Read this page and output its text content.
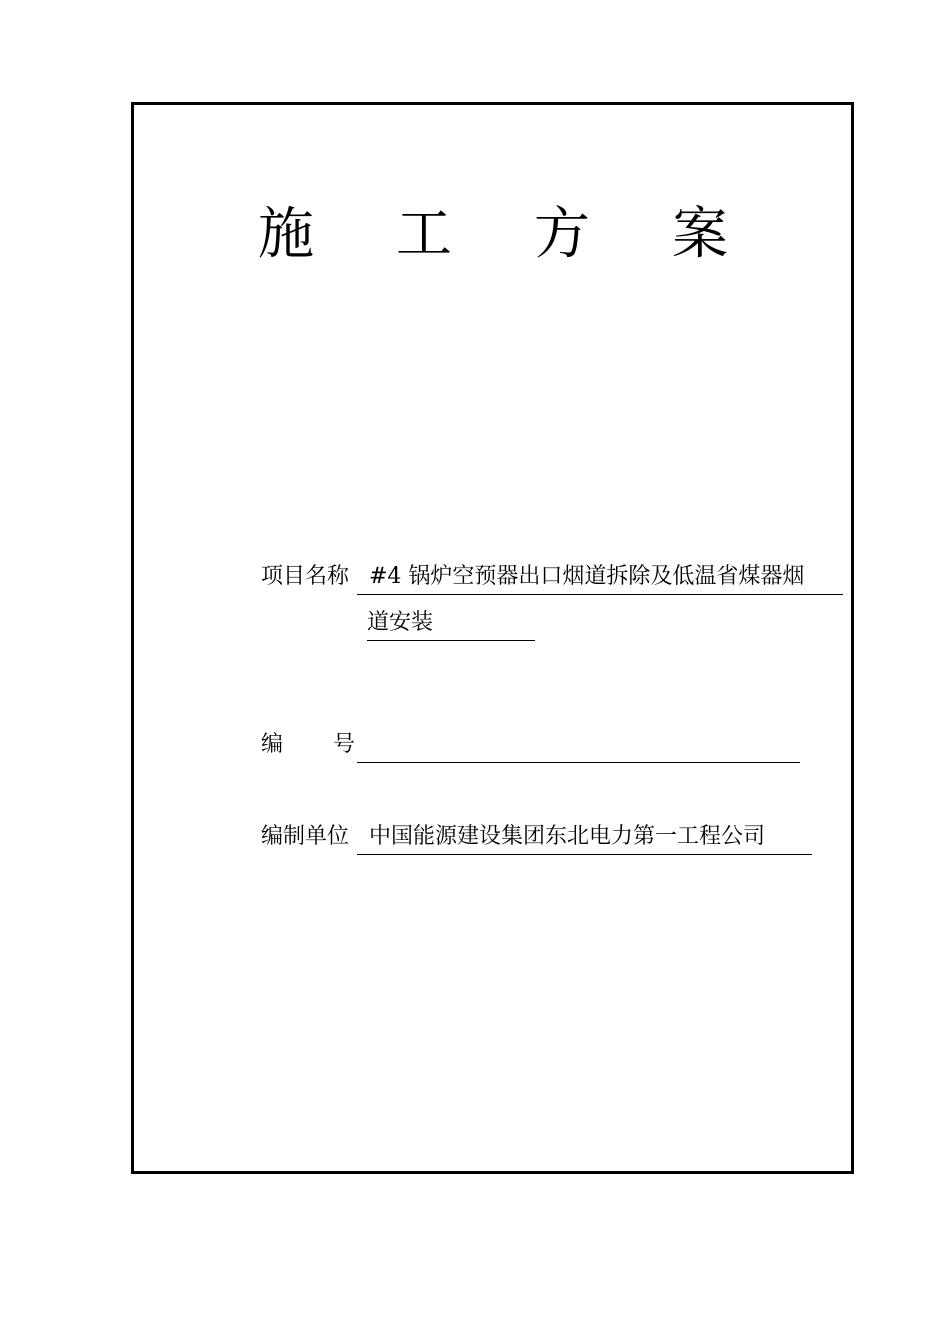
施 工 方 案
项目名称 #4 锅炉空预器出口烟道拆除及低温省煤器烟
道安装
编 号
编制单位 中国能源建设集团东北电力第一工程公司
